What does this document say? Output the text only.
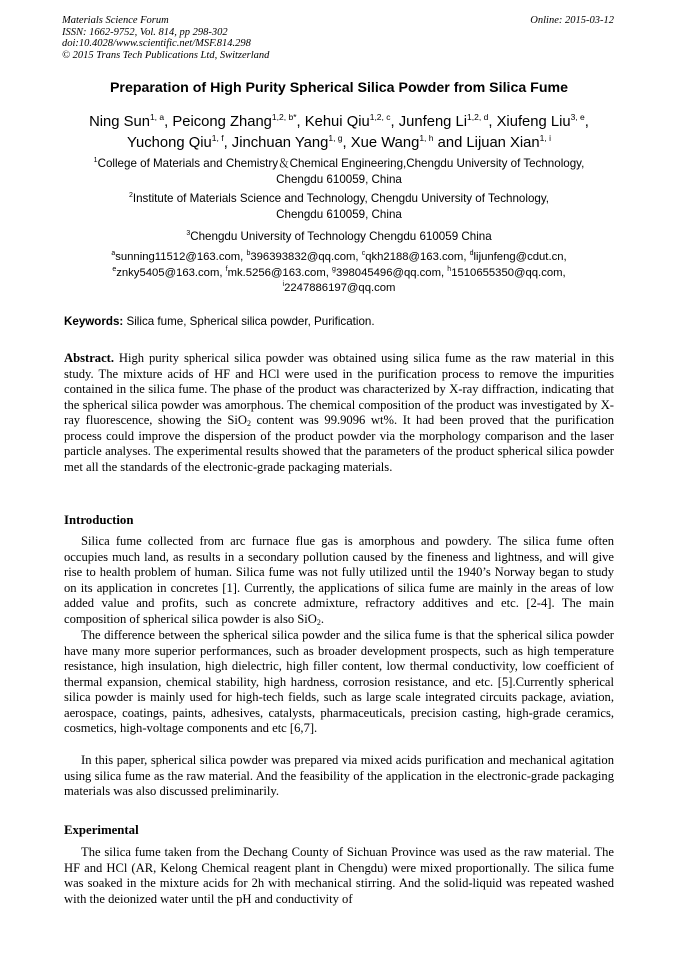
Materials Science Forum
ISSN: 1662-9752, Vol. 814, pp 298-302
doi:10.4028/www.scientific.net/MSF.814.298
© 2015 Trans Tech Publications Ltd, Switzerland
Online: 2015-03-12
Preparation of High Purity Spherical Silica Powder from Silica Fume
Ning Sun$^{1, a}$, Peicong Zhang$^{1,2, b*}$, Kehui Qiu$^{1,2, c}$, Junfeng Li$^{1,2, d}$, Xiufeng Liu$^{3, e}$,
Yuchong Qiu$^{1, f}$, Jinchuan Yang$^{1, g}$, Xue Wang$^{1, h}$ and Lijuan Xian$^{1, i}$
$^1$College of Materials and Chemistry＆Chemical Engineering,Chengdu University of Technology,
Chengdu 610059, China
$^2$Institute of Materials Science and Technology, Chengdu University of Technology,
Chengdu 610059, China
$^3$Chengdu University of Technology Chengdu 610059 China
$^a$sunning11512@163.com, $^b$396393832@qq.com, $^c$qkh2188@163.com, $^d$lijunfeng@cdut.cn,
$^e$znky5405@163.com, $^f$mk.5256@163.com, $^g$398045496@qq.com, $^h$1510655350@qq.com,
$^i$2247886197@qq.com
Keywords: Silica fume, Spherical silica powder, Purification.

Abstract. High purity spherical silica powder was obtained using silica fume as the raw material in this study. The mixture acids of HF and HCl were used in the purification process to remove the impurities contained in the silica fume. The phase of the product was characterized by X-ray diffraction, indicating that the spherical silica powder was amorphous. The chemical composition of the product was investigated by X-ray fluorescence, showing the SiO$_2$ content was 99.9096 wt%. It had been proved that the purification process could improve the dispersion of the product powder via the morphology comparison and the laser particle analyses. The experimental results showed that the parameters of the product spherical silica powder met all the standards of the electronic-grade packaging materials.

Introduction

Silica fume collected from arc furnace flue gas is amorphous and powdery. The silica fume often occupies much land, as results in a secondary pollution caused by the fineness and lightness, and will give rise to health problem of human. Silica fume was not fully utilized until the 1940’s Norway began to study on its application in concretes [1]. Currently, the applications of silica fume are mainly in the areas of low added value and profits, such as concrete admixture, refractory additives and etc. [2-4]. The main composition of spherical silica powder is also SiO$_2$.

The difference between the spherical silica powder and the silica fume is that the spherical silica powder have many more superior performances, such as broader development prospects, such as high temperature resistance, high insulation, high dielectric, high filler content, low thermal conductivity, low coefficient of thermal expansion, chemical stability, high hardness, corrosion resistance, and etc. [5].Currently spherical silica powder is mainly used for high-tech fields, such as large scale integrated circuits package, aviation, aerospace, coatings, paints, adhesives, catalysts, pharmaceuticals, precision casting, high-grade ceramics, cosmetics, high-voltage components and etc [6,7].

In this paper, spherical silica powder was prepared via mixed acids purification and mechanical agitation using silica fume as the raw material. And the feasibility of the application in the electronic-grade packaging materials was also discussed preliminarily.

Experimental

The silica fume taken from the Dechang County of Sichuan Province was used as the raw material. The HF and HCl (AR, Kelong Chemical reagent plant in Chengdu) were mixed proportionally. The silica fume was soaked in the mixture acids for 2h with mechanical stirring. And the solid-liquid was repeated washed with the deionized water until the pH and conductivity of
